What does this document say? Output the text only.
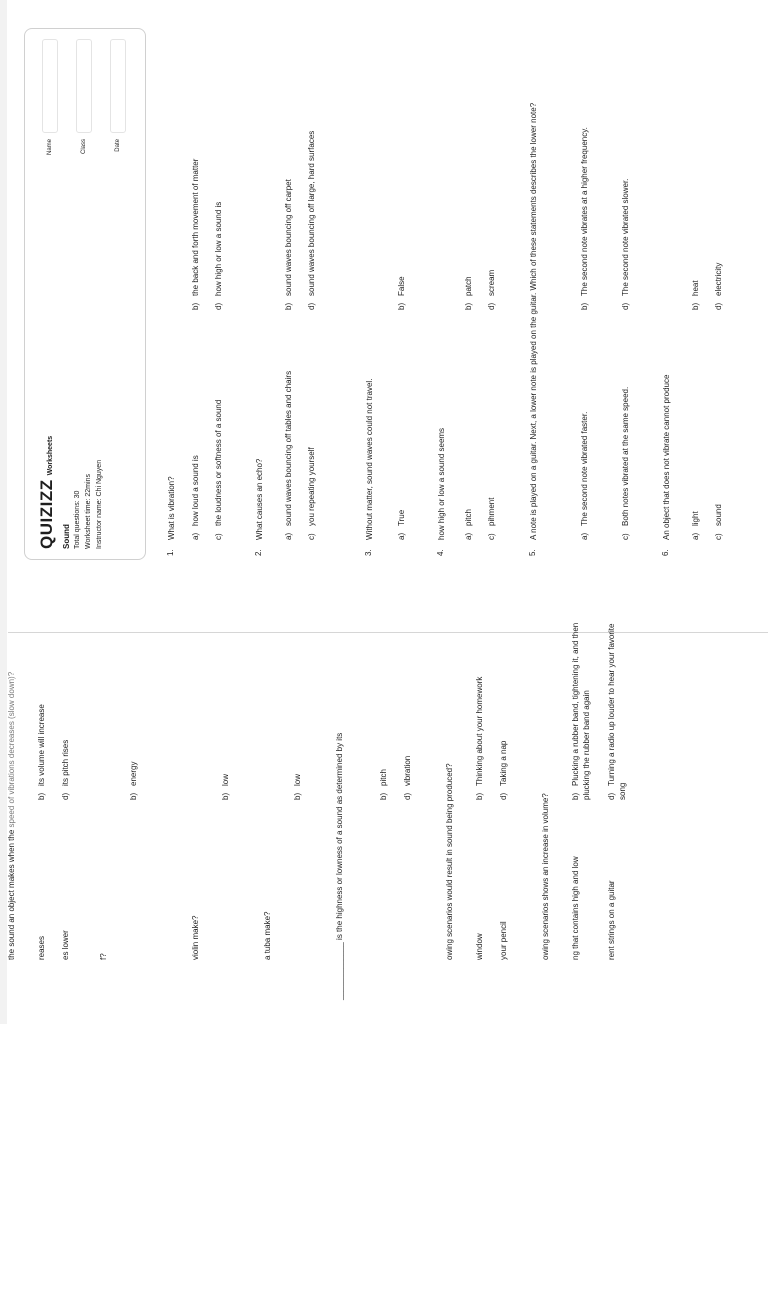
QUIZIZZWorksheets
Sound Total questions: 30 Worksheet time: 22mins Instructor name: Chi Nguyen
Name	Class	Date
1.
What is vibration? a)how loud a sound is
b)the back and forth movement of matter
c)the loudness or softness of a sound
d)how high or low a sound is
2.
What causes an echo?	a)sound waves bouncing off tables and chairs
b)sound waves bouncing off carpet
c)you repeating yourself
d)sound waves bouncing off large, hard surfaces
3.
Without matter, sound waves could not travel.	a)True
b)False
4.
how high or low a sound seems a)pitch
b)patch
c)pihment
d)scream
5.
A note is played on a guitar. Next, a lower note is played on the guitar. Which of these statements describes the lower note?	a)The second note vibrated faster.
b)The second note vibrates at a higher frequency.
c)Both notes vibrated at the same speed.
d)The second note vibrated slower.
6.
An object that does not vibrate cannot produce	a)light
b)heat
c)sound
d)electricity
the sound an object makes when the speed of vibrations decreases (slow down)?
reases
b)its volume will increase
es lower
d)its pitch rises
f?
b)energy
violin make?
b)low
a tuba make?
b)low	_____________ is the highness or lowness of a sound as determined by its	b)pitch
d)vibration	owing scenarios would result in sound being produced?	window
b)Thinking about your homework
your pencil
d)Taking a nap
owing scenarios shows an increase in volume?	ng that contains high and low
b)Plucking a rubber band, tightening it, and then plucking the rubber band again
rent strings on a guitar
d)Turning a radio up louder to hear your favorite song
